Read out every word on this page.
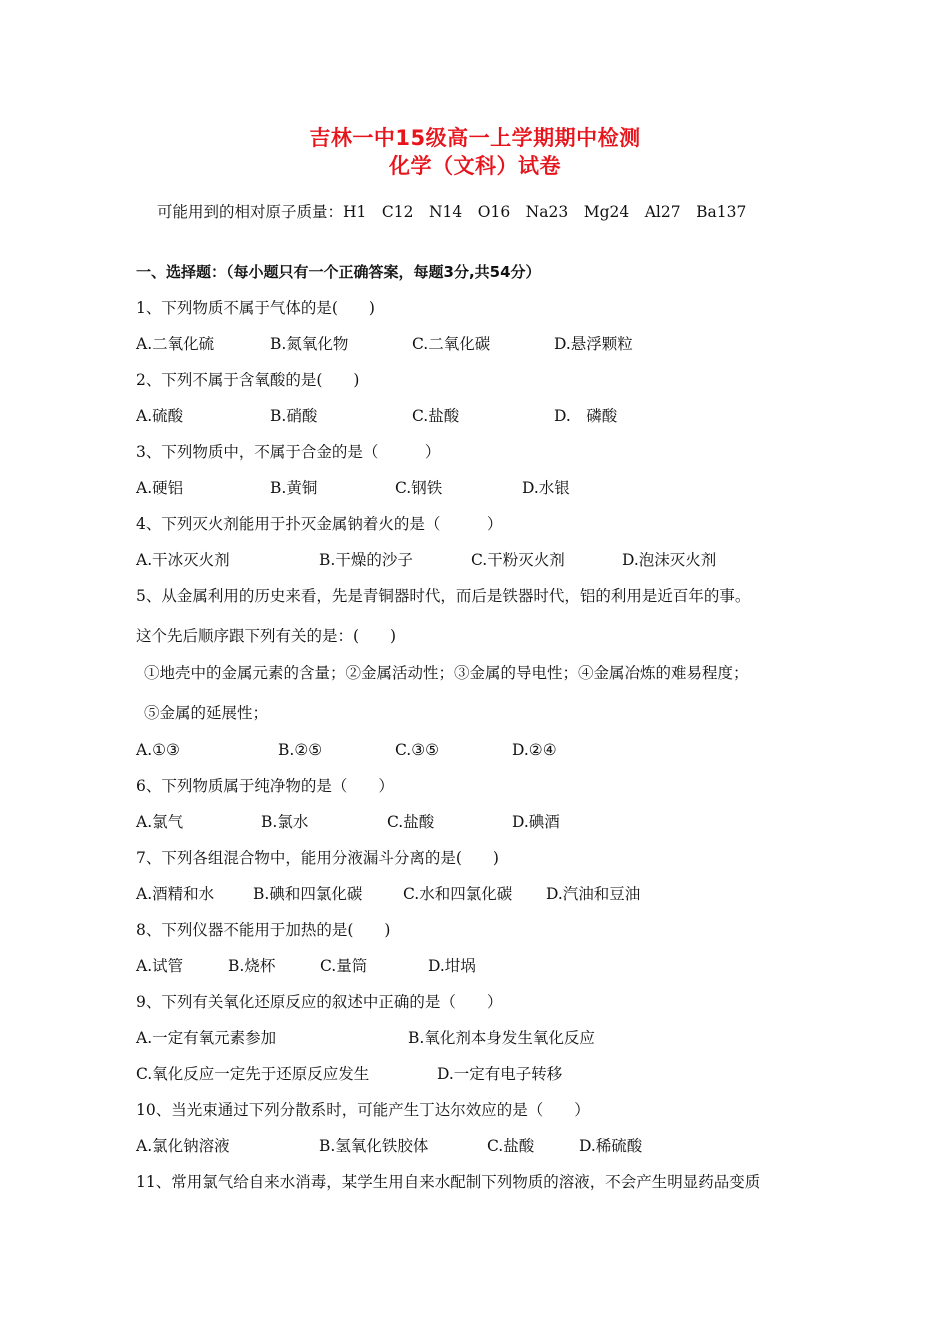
吉林一中15级高一上学期期中检测
化学（文科）试卷
可能用到的相对原子质量：H1　C12　N14　O16　Na23　Mg24　Al27　Ba137
一、选择题：（每小题只有一个正确答案，每题3分,共54分）
1、下列物质不属于气体的是(　　)
A.二氧化硫	B.氮氧化物	C.二氧化碳	D.悬浮颗粒
2、下列不属于含氧酸的是(　　)
A.硫酸	B.硝酸	C.盐酸	D.　磷酸
3、下列物质中，不属于合金的是（　　　）
A.硬铝	B.黄铜	C.钢铁	D.水银
4、下列灭火剂能用于扑灭金属钠着火的是（　　　）
A.干冰灭火剂	B.干燥的沙子	C.干粉灭火剂	D.泡沫灭火剂
5、从金属利用的历史来看，先是青铜器时代，而后是铁器时代，铝的利用是近百年的事。
这个先后顺序跟下列有关的是：(　　)
①地壳中的金属元素的含量；②金属活动性；③金属的导电性；④金属冶炼的难易程度；
⑤金属的延展性；
A.①③	B.②⑤	C.③⑤	D.②④
6、下列物质属于纯净物的是（　　）
A.氯气	B.氯水	C.盐酸	D.碘酒
7、下列各组混合物中，能用分液漏斗分离的是(　　)
A.酒精和水	B.碘和四氯化碳	C.水和四氯化碳 D.汽油和豆油
8、下列仪器不能用于加热的是(　　)
A.试管	B.烧杯	C.量筒	D.坩埚
9、下列有关氧化还原反应的叙述中正确的是（　　）
A.一定有氧元素参加	B.氧化剂本身发生氧化反应
C.氧化反应一定先于还原反应发生	D.一定有电子转移
10、当光束通过下列分散系时，可能产生丁达尔效应的是（　　）
A.氯化钠溶液	B.氢氧化铁胶体	C.盐酸	D.稀硫酸
11、常用氯气给自来水消毒，某学生用自来水配制下列物质的溶液，不会产生明显药品变质
